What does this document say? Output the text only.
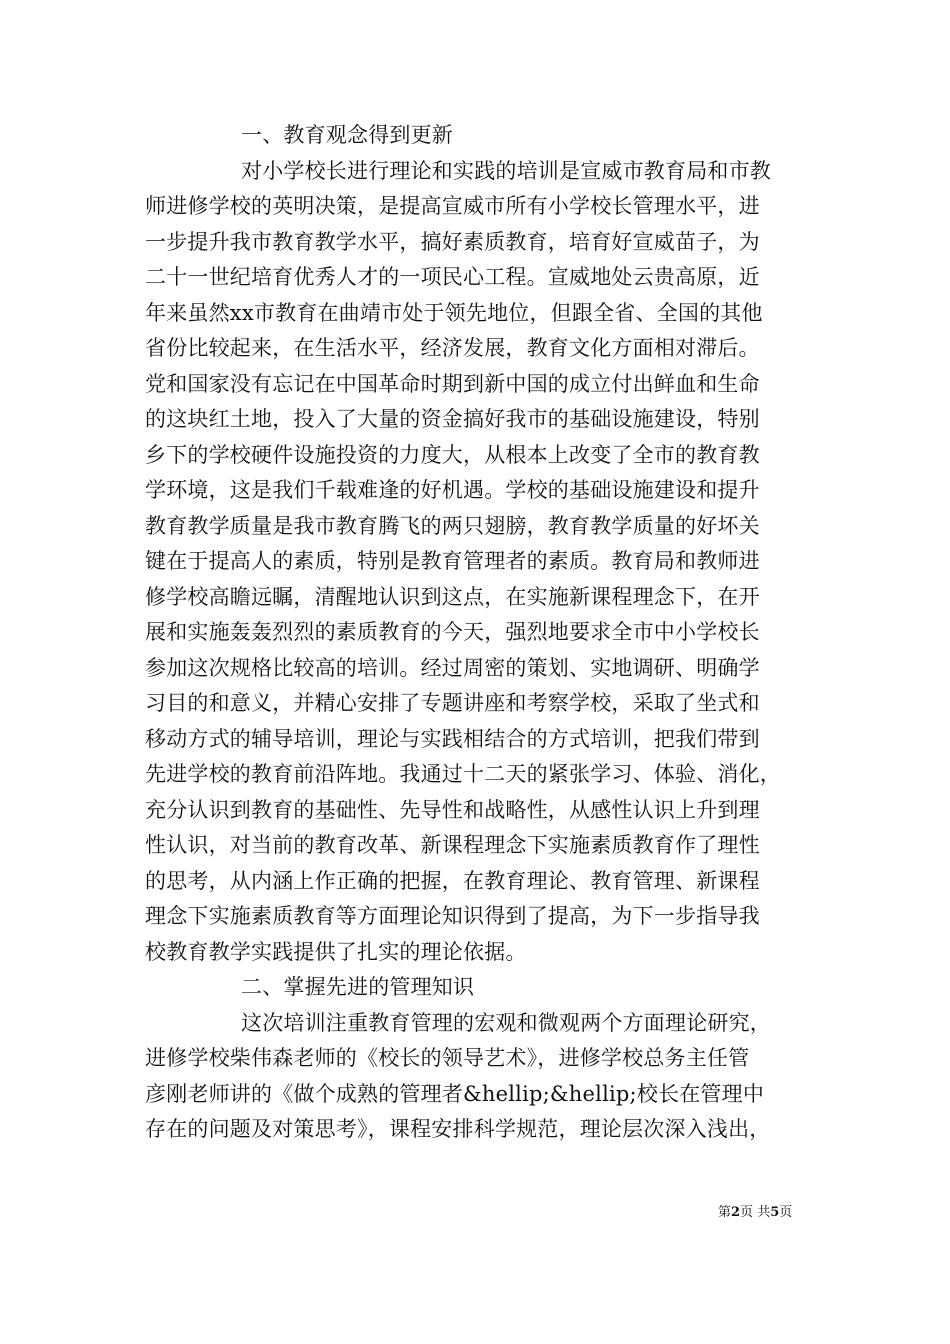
一、教育观念得到更新
对小学校长进行理论和实践的培训是宣威市教育局和市教
师进修学校的英明决策，是提高宣威市所有小学校长管理水平，进
一步提升我市教育教学水平，搞好素质教育，培育好宣威苗子，为
二十一世纪培育优秀人才的一项民心工程。宣威地处云贵高原，近
年来虽然xx市教育在曲靖市处于领先地位，但跟全省、全国的其他
省份比较起来，在生活水平，经济发展，教育文化方面相对滞后。
党和国家没有忘记在中国革命时期到新中国的成立付出鲜血和生命
的这块红土地，投入了大量的资金搞好我市的基础设施建设，特别
乡下的学校硬件设施投资的力度大，从根本上改变了全市的教育教
学环境，这是我们千载难逢的好机遇。学校的基础设施建设和提升
教育教学质量是我市教育腾飞的两只翅膀，教育教学质量的好坏关
键在于提高人的素质，特别是教育管理者的素质。教育局和教师进
修学校高瞻远瞩，清醒地认识到这点，在实施新课程理念下，在开
展和实施轰轰烈烈的素质教育的今天，强烈地要求全市中小学校长
参加这次规格比较高的培训。经过周密的策划、实地调研、明确学
习目的和意义，并精心安排了专题讲座和考察学校，采取了坐式和
移动方式的辅导培训，理论与实践相结合的方式培训，把我们带到
先进学校的教育前沿阵地。我通过十二天的紧张学习、体验、消化，
充分认识到教育的基础性、先导性和战略性，从感性认识上升到理
性认识，对当前的教育改革、新课程理念下实施素质教育作了理性
的思考，从内涵上作正确的把握，在教育理论、教育管理、新课程
理念下实施素质教育等方面理论知识得到了提高，为下一步指导我
校教育教学实践提供了扎实的理论依据。
二、掌握先进的管理知识
这次培训注重教育管理的宏观和微观两个方面理论研究，
进修学校柴伟森老师的《校长的领导艺术》，进修学校总务主任管
彦刚老师讲的《做个成熟的管理者&hellip;&hellip;校长在管理中
存在的问题及对策思考》，课程安排科学规范，理论层次深入浅出，
第2页 共5页
